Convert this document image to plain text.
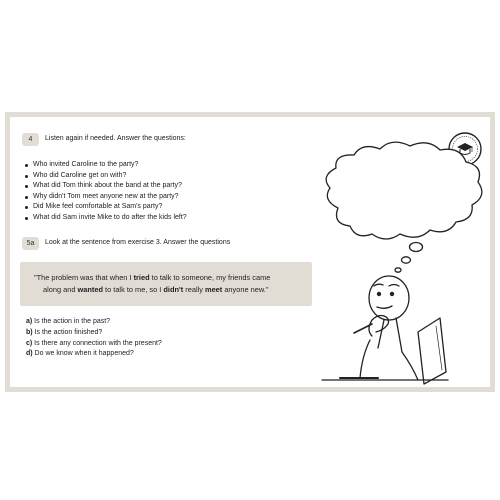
4	Listen again if needed. Answer the questions:
Who invited Caroline to the party?
Who did Caroline get on with?
What did Tom think about the band at the party?
Why didn't Tom meet anyone new at the party?
Did Mike feel comfortable at Sam's party?
What did Sam invite Mike to do after the kids left?
5a	Look at the sentence from exercise 3. Answer the questions
"The problem was that when I tried to talk to someone, my friends came
along and wanted to talk to me, so I didn't really meet anyone new."
a) Is the action in the past?
b) Is the action finished?
c) Is there any connection with the present?
d) Do we know when it happened?
